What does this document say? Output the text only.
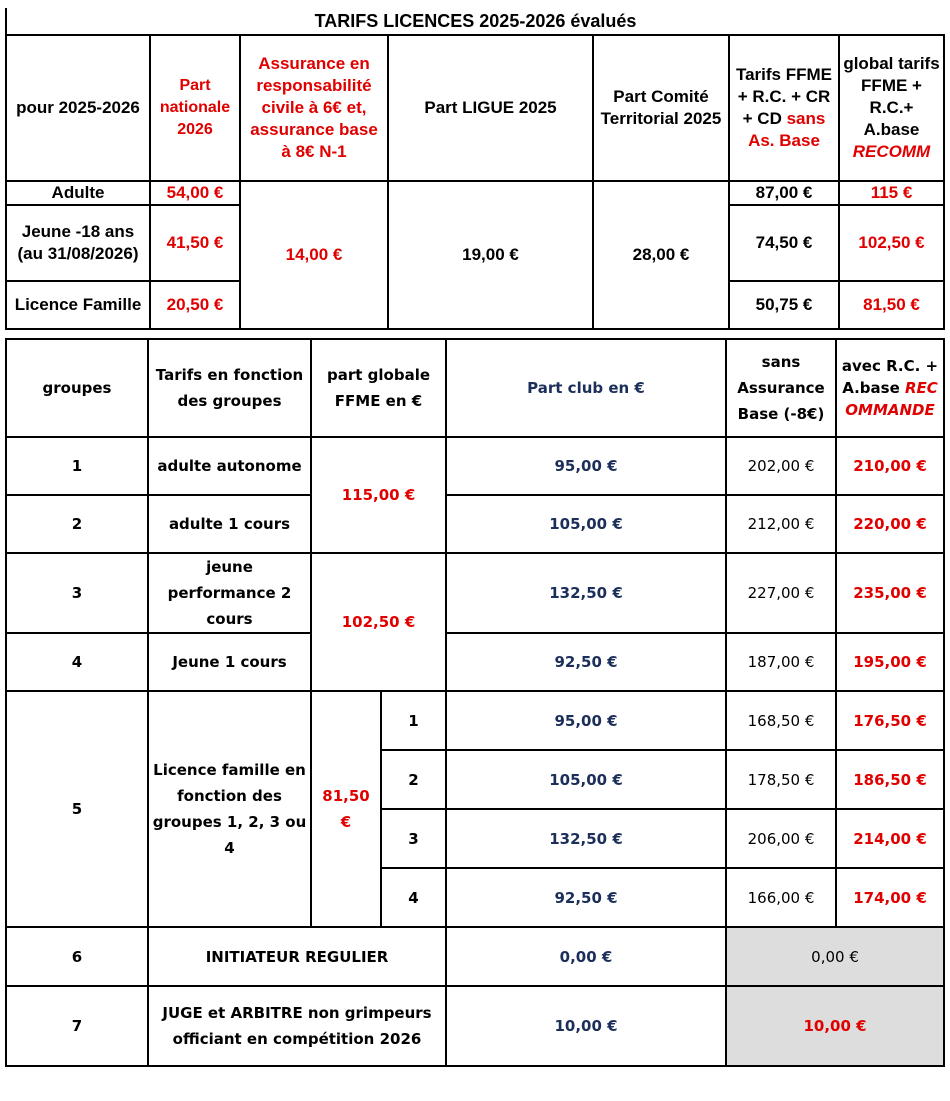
TARIFS LICENCES 2025-2026 évalués						
pour 2025-2026	Part nationale 2026	Assurance en responsabilité civile à 6€ et, assurance base à 8€ N-1	Part LIGUE 2025	Part Comité Territorial 2025	Tarifs FFME + R.C. + CR + CD sans As. Base	global tarifs FFME + R.C.+ A.base RECOMM
Adulte	54,00 €	14,00 €	19,00 €	28,00 €	87,00 €	115 €
Jeune -18 ans (au 31/08/2026)	41,50 €				74,50 €	102,50 €
Licence Famille	20,50 €				50,75 €	81,50 €
groupes	Tarifs en fonction des groupes	part globale FFME en €		Part club en €	sans Assurance Base (-8€)	avec R.C. + A.base RECOMMANDE
1	adulte autonome	115,00 €		95,00 €	202,00 €	210,00 €
2	adulte 1 cours			105,00 €	212,00 €	220,00 €
3	jeune performance 2 cours	102,50 €		132,50 €	227,00 €	235,00 €
4	Jeune 1 cours			92,50 €	187,00 €	195,00 €
5	Licence famille en fonction des groupes 1, 2, 3 ou 4	81,50 €	1	95,00 €	168,50 €	176,50 €
			2	105,00 €	178,50 €	186,50 €
			3	132,50 €	206,00 €	214,00 €
			4	92,50 €	166,00 €	174,00 €
6	INITIATEUR REGULIER			0,00 €	0,00 €	
7	JUGE et ARBITRE non grimpeurs officiant en compétition 2026			10,00 €	10,00 €	
